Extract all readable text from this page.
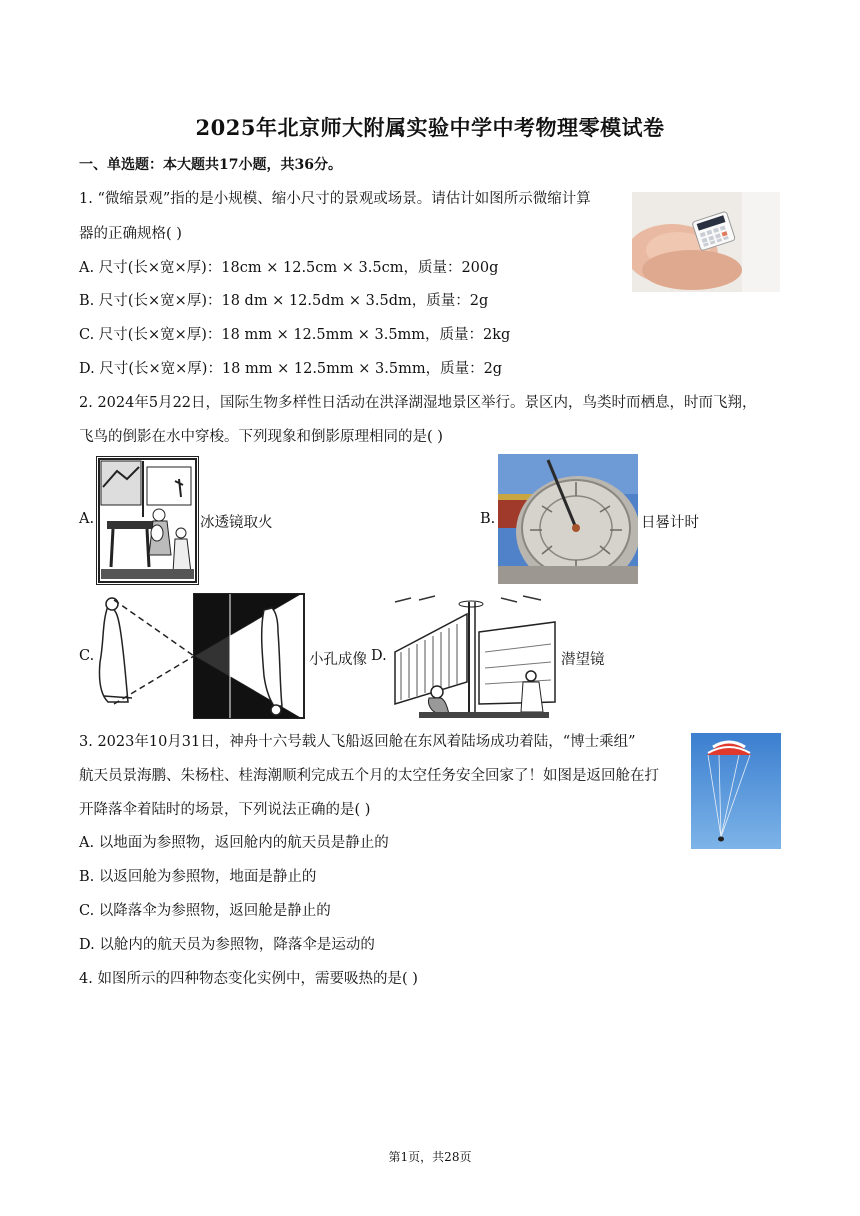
2025年北京师大附属实验中学中考物理零模试卷
一、单选题：本大题共17小题，共36分。
1. “微缩景观”指的是小规模、缩小尺寸的景观或场景。请估计如图所示微缩计算
器的正确规格( )
A. 尺寸(长×宽×厚)：18cm × 12.5cm × 3.5cm，质量：200g
B. 尺寸(长×宽×厚)：18 dm × 12.5dm × 3.5dm，质量：2g
C. 尺寸(长×宽×厚)：18 mm × 12.5mm × 3.5mm，质量：2kg
D. 尺寸(长×宽×厚)：18 mm × 12.5mm × 3.5mm，质量：2g
2. 2024年5月22日，国际生物多样性日活动在洪泽湖湿地景区举行。景区内，鸟类时而栖息，时而飞翔，
飞鸟的倒影在水中穿梭。下列现象和倒影原理相同的是( )
A.	冰透镜取火	B.	日晷计时
C.	小孔成像 D.	潜望镜
3. 2023年10月31日，神舟十六号载人飞船返回舱在东风着陆场成功着陆，“博士乘组”
航天员景海鹏、朱杨柱、桂海潮顺利完成五个月的太空任务安全回家了！如图是返回舱在打
开降落伞着陆时的场景，下列说法正确的是( )
A. 以地面为参照物，返回舱内的航天员是静止的
B. 以返回舱为参照物，地面是静止的
C. 以降落伞为参照物，返回舱是静止的
D. 以舱内的航天员为参照物，降落伞是运动的
4. 如图所示的四种物态变化实例中，需要吸热的是( )
第1页，共28页
